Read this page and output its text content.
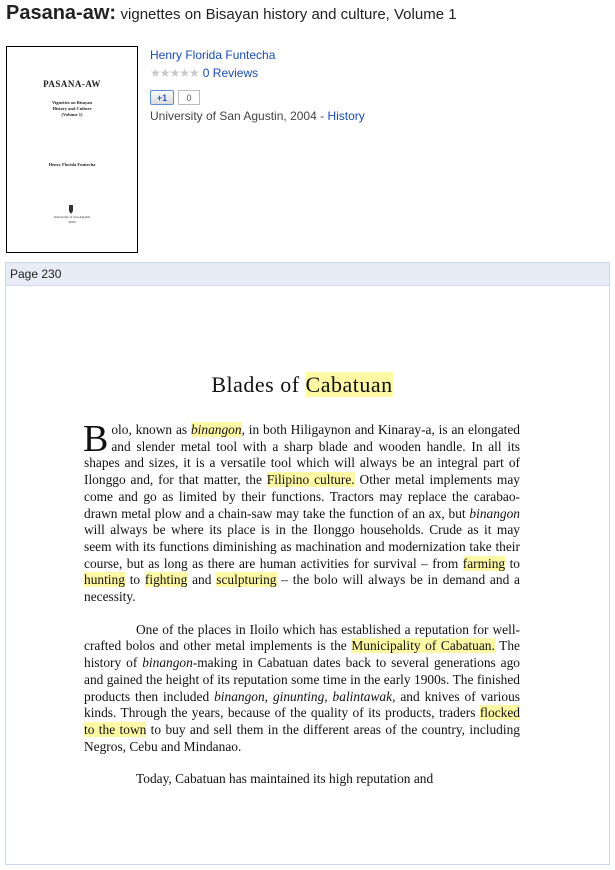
Pasana-aw: vignettes on Bisayan history and culture, Volume 1
PASANA-AW
Vignettes on Bisayan
History and Culture
(Volume 1)
Henry Florida Funtecha
University of San Agustin
2004
Henry Florida Funtecha
★★★★★ 0 Reviews
+1	0
University of San Agustin, 2004 - History
Page 230
Blades of Cabatuan

Bolo, known as binangon, in both Hiligaynon and Kinaray-a, is an elongated and slender metal tool with a sharp blade and wooden handle. In all its shapes and sizes, it is a versatile tool which will always be an integral part of Ilonggo and, for that matter, the Filipino culture. Other metal implements may come and go as limited by their functions. Tractors may replace the carabao-drawn metal plow and a chain-saw may take the function of an ax, but binangon will always be where its place is in the Ilonggo households. Crude as it may seem with its functions diminishing as machination and modernization take their course, but as long as there are human activities for survival – from farming to hunting to fighting and sculpturing – the bolo will always be in demand and a necessity.

One of the places in Iloilo which has established a reputation for well-crafted bolos and other metal implements is the Municipality of Cabatuan. The history of binangon-making in Cabatuan dates back to several generations ago and gained the height of its reputation some time in the early 1900s. The finished products then included binangon, ginunting, balintawak, and knives of various kinds. Through the years, because of the quality of its products, traders flocked to the town to buy and sell them in the different areas of the country, including Negros, Cebu and Mindanao.

Today, Cabatuan has maintained its high reputation and
